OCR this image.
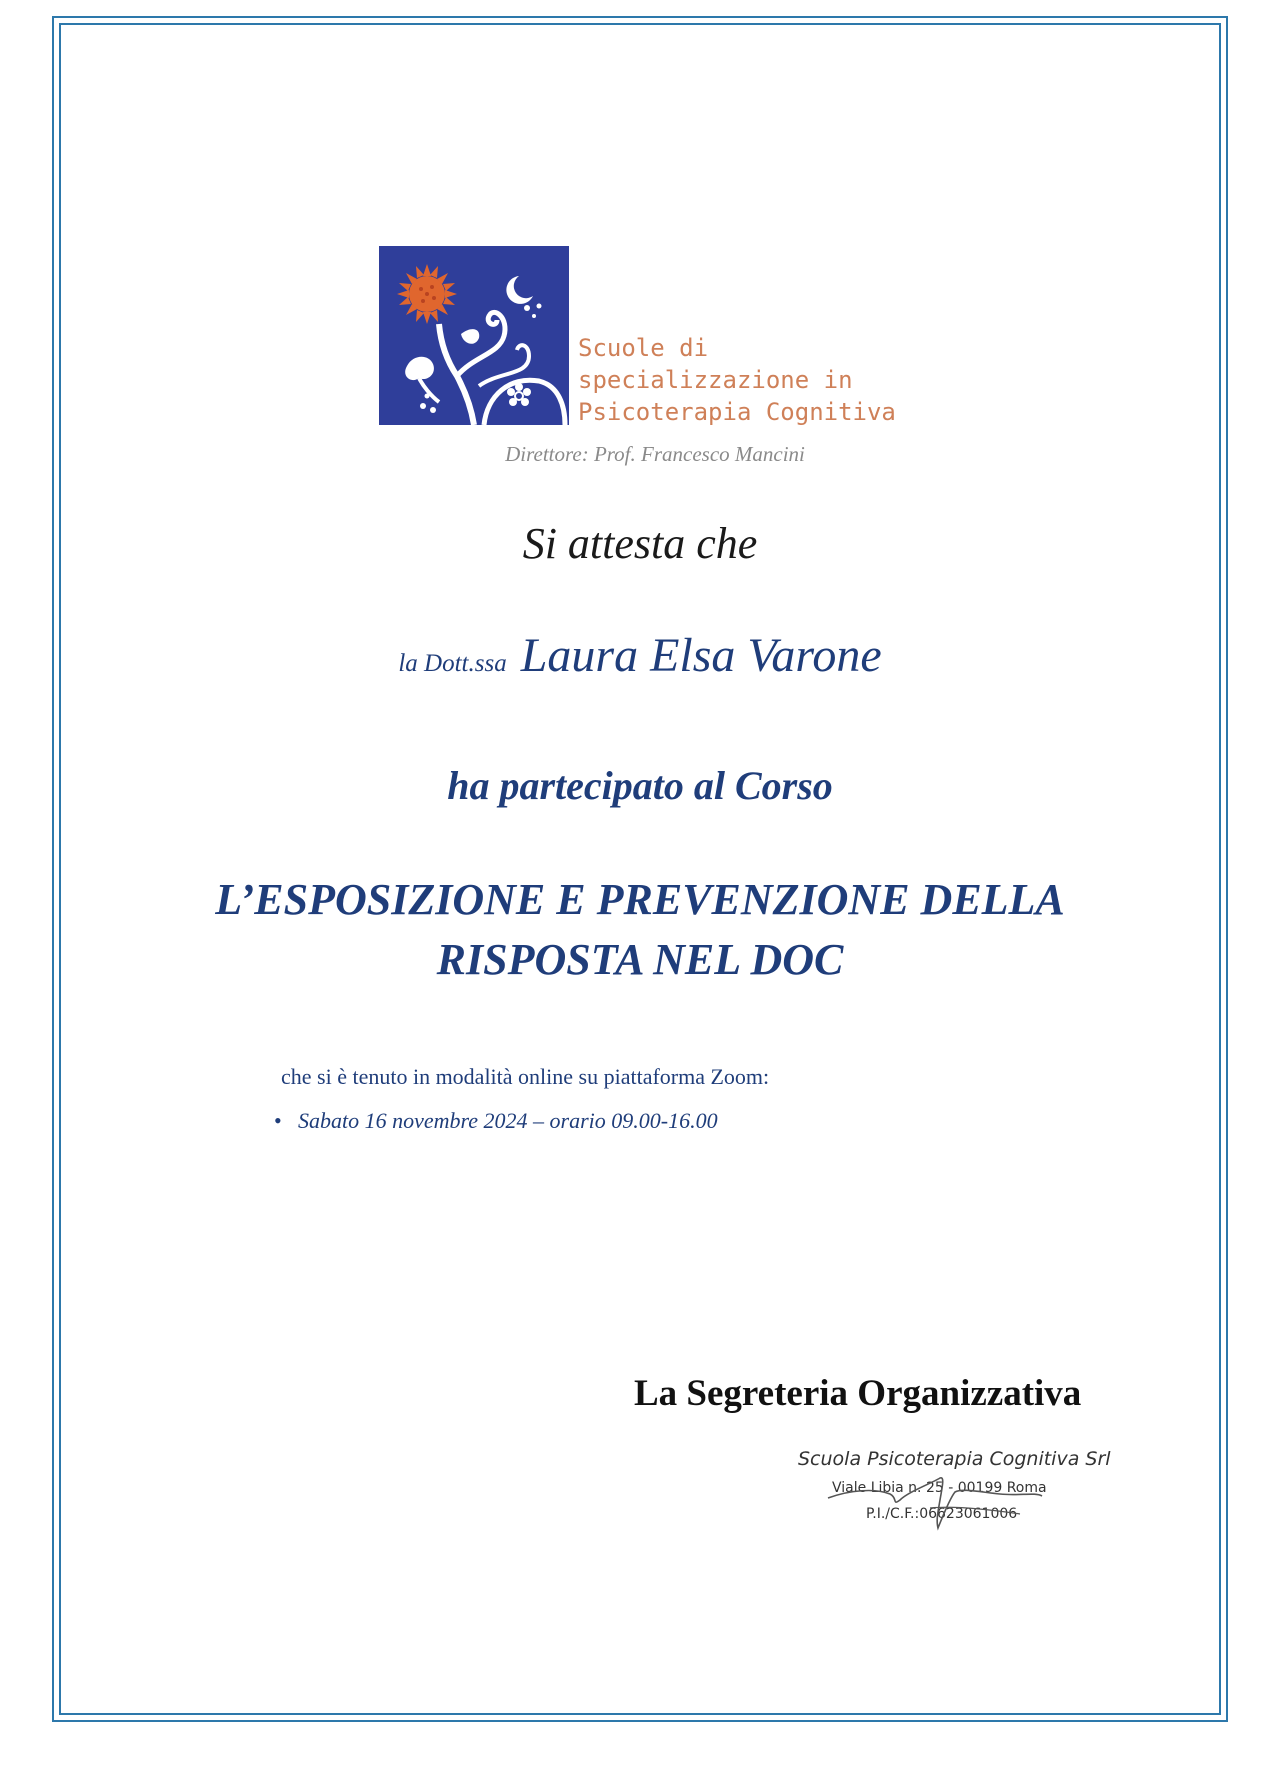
Scuole di
specializzazione in
Psicoterapia Cognitiva
Direttore: Prof. Francesco Mancini
Si attesta che
la Dott.ssa Laura Elsa Varone
ha partecipato al Corso
L’ESPOSIZIONE E PREVENZIONE DELLA
RISPOSTA NEL DOC
che si è tenuto in modalità online su piattaforma Zoom:
• Sabato 16 novembre 2024 – orario 09.00-16.00
La Segreteria Organizzativa
Scuola Psicoterapia Cognitiva Srl
Viale Libia n. 25 - 00199 Roma
P.I./C.F.:06623061006
